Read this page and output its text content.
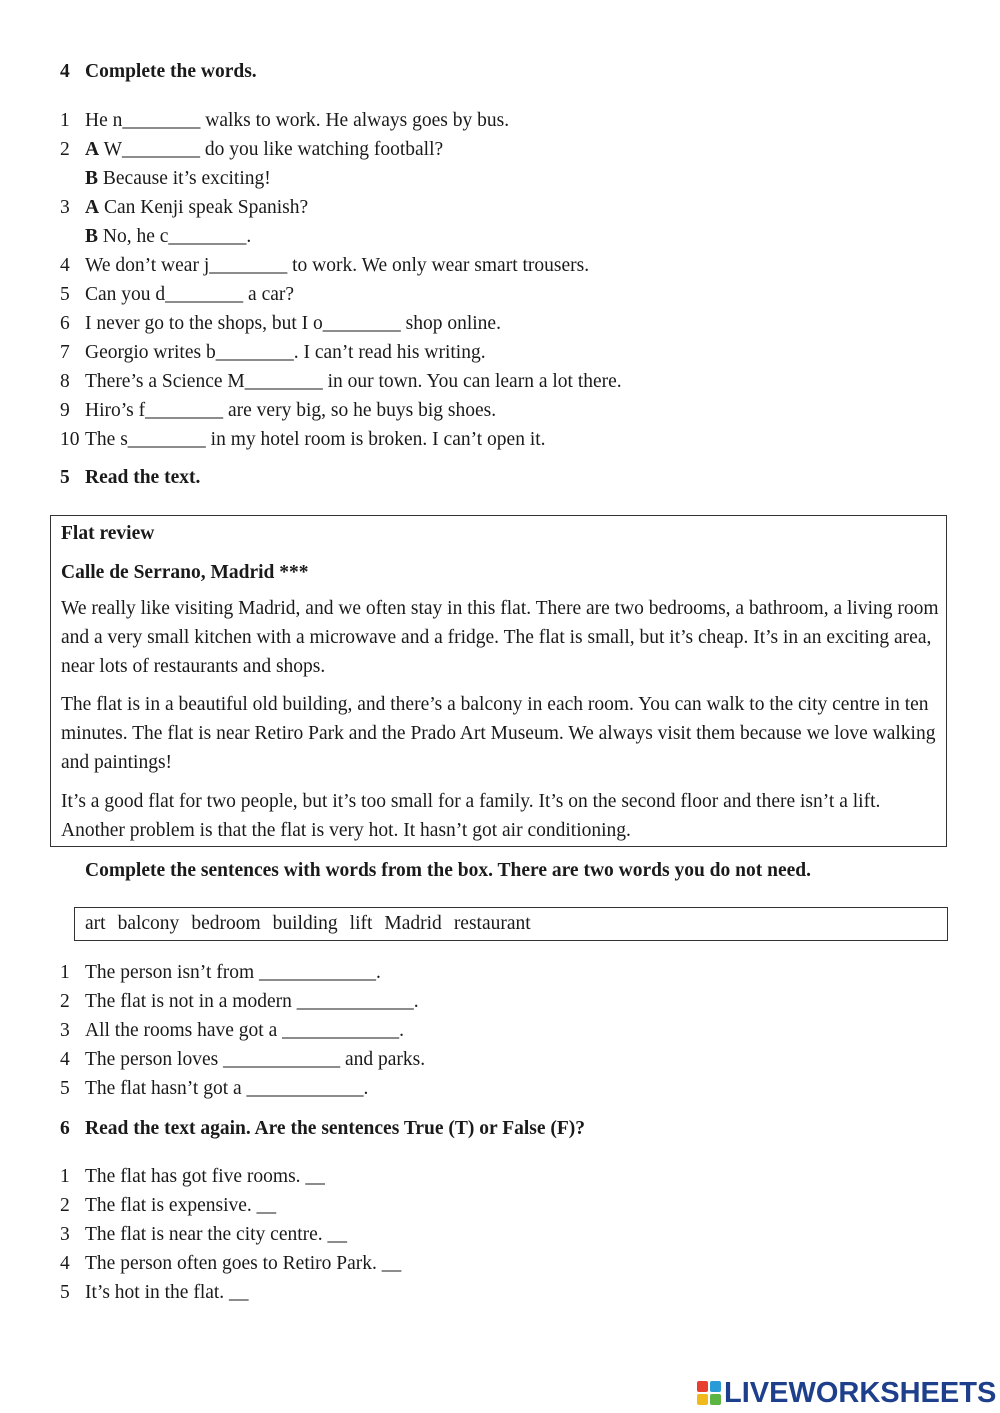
4 Complete the words.
1 He n________ walks to work. He always goes by bus.
2 A W________ do you like watching football?
B Because it’s exciting!
3 A Can Kenji speak Spanish?
B No, he c________.
4 We don’t wear j________ to work. We only wear smart trousers.
5 Can you d________ a car?
6 I never go to the shops, but I o________ shop online.
7 Georgio writes b________. I can’t read his writing.
8 There’s a Science M________ in our town. You can learn a lot there.
9 Hiro’s f________ are very big, so he buys big shoes.
10 The s________ in my hotel room is broken. I can’t open it.
5 Read the text.
Flat review
Calle de Serrano, Madrid ***
We really like visiting Madrid, and we often stay in this flat. There are two bedrooms, a bathroom, a living room and a very small kitchen with a microwave and a fridge. The flat is small, but it’s cheap. It’s in an exciting area, near lots of restaurants and shops.
The flat is in a beautiful old building, and there’s a balcony in each room. You can walk to the city centre in ten minutes. The flat is near Retiro Park and the Prado Art Museum. We always visit them because we love walking and paintings!
It’s a good flat for two people, but it’s too small for a family. It’s on the second floor and there isn’t a lift. Another problem is that the flat is very hot. It hasn’t got air conditioning.
Complete the sentences with words from the box. There are two words you do not need.
art balcony bedroom building lift Madrid restaurant
1 The person isn’t from ____________.
2 The flat is not in a modern ____________.
3 All the rooms have got a ____________.
4 The person loves ____________ and parks.
5 The flat hasn’t got a ____________.
6 Read the text again. Are the sentences True (T) or False (F)?
1 The flat has got five rooms. __
2 The flat is expensive. __
3 The flat is near the city centre. __
4 The person often goes to Retiro Park. __
5 It’s hot in the flat. __
LIVEWORKSHEETS
